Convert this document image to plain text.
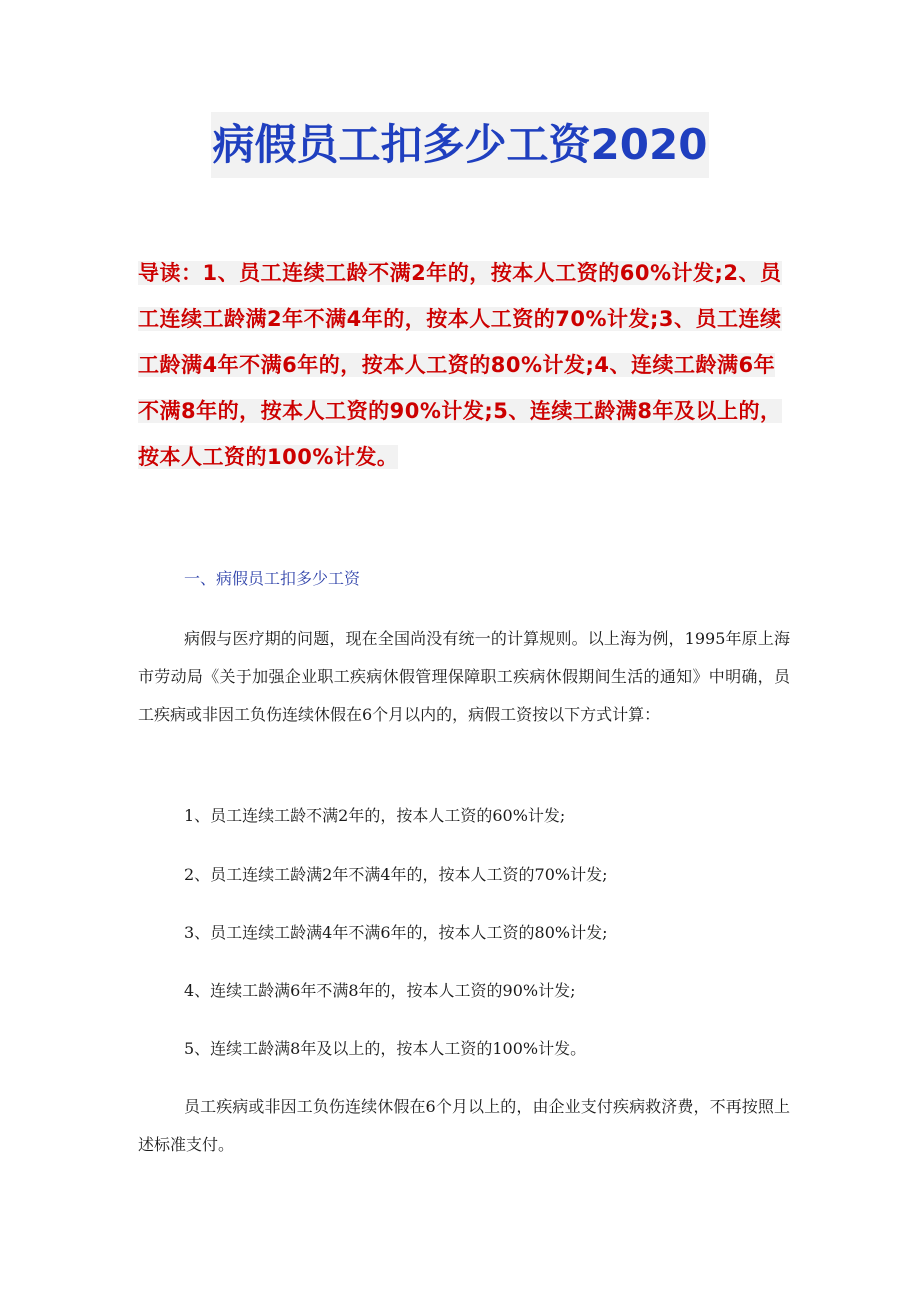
病假员工扣多少工资2020
导读：1、员工连续工龄不满2年的，按本人工资的60%计发;2、员工连续工龄满2年不满4年的，按本人工资的70%计发;3、员工连续工龄满4年不满6年的，按本人工资的80%计发;4、连续工龄满6年不满8年的，按本人工资的90%计发;5、连续工龄满8年及以上的，按本人工资的100%计发。
一、病假员工扣多少工资
病假与医疗期的问题，现在全国尚没有统一的计算规则。以上海为例，1995年原上海市劳动局《关于加强企业职工疾病休假管理保障职工疾病休假期间生活的通知》中明确，员工疾病或非因工负伤连续休假在6个月以内的，病假工资按以下方式计算：
1、员工连续工龄不满2年的，按本人工资的60%计发;
2、员工连续工龄满2年不满4年的，按本人工资的70%计发;
3、员工连续工龄满4年不满6年的，按本人工资的80%计发;
4、连续工龄满6年不满8年的，按本人工资的90%计发;
5、连续工龄满8年及以上的，按本人工资的100%计发。
员工疾病或非因工负伤连续休假在6个月以上的，由企业支付疾病救济费，不再按照上述标准支付。
